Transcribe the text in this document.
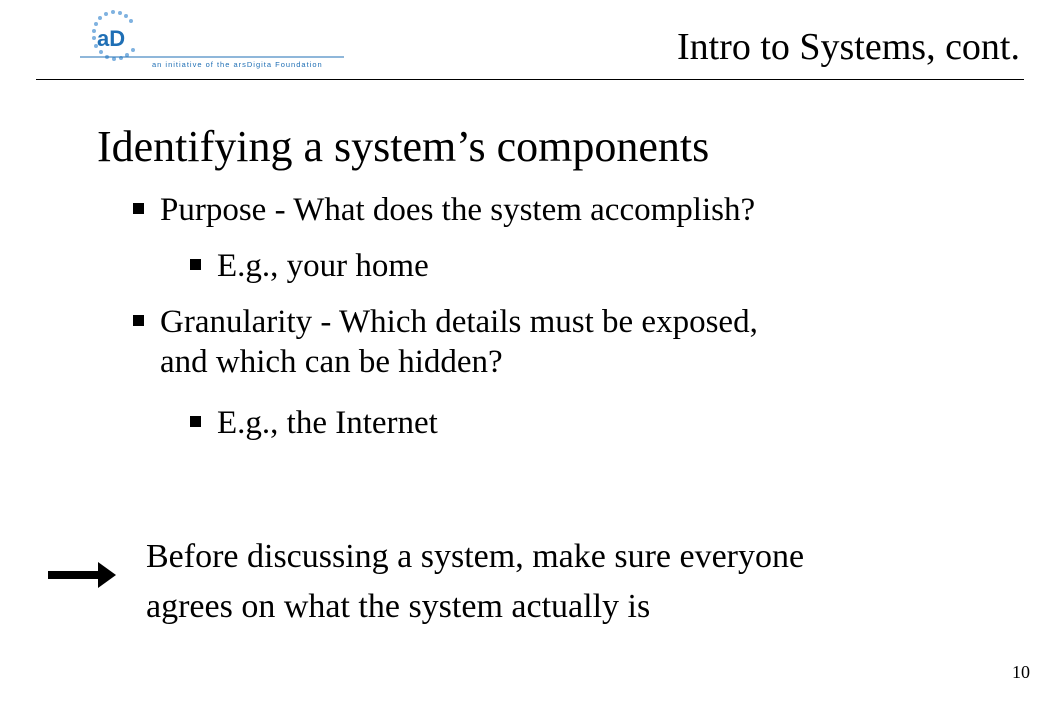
aD
an initiative of the arsDigita Foundation	Intro to Systems, cont.
Identifying a system’s components
Purpose - What does the system accomplish?
E.g., your home
Granularity - Which details must be exposed,
and which can be hidden?
E.g., the Internet
Before discussing a system, make sure everyone
agrees on what the system actually is
10
